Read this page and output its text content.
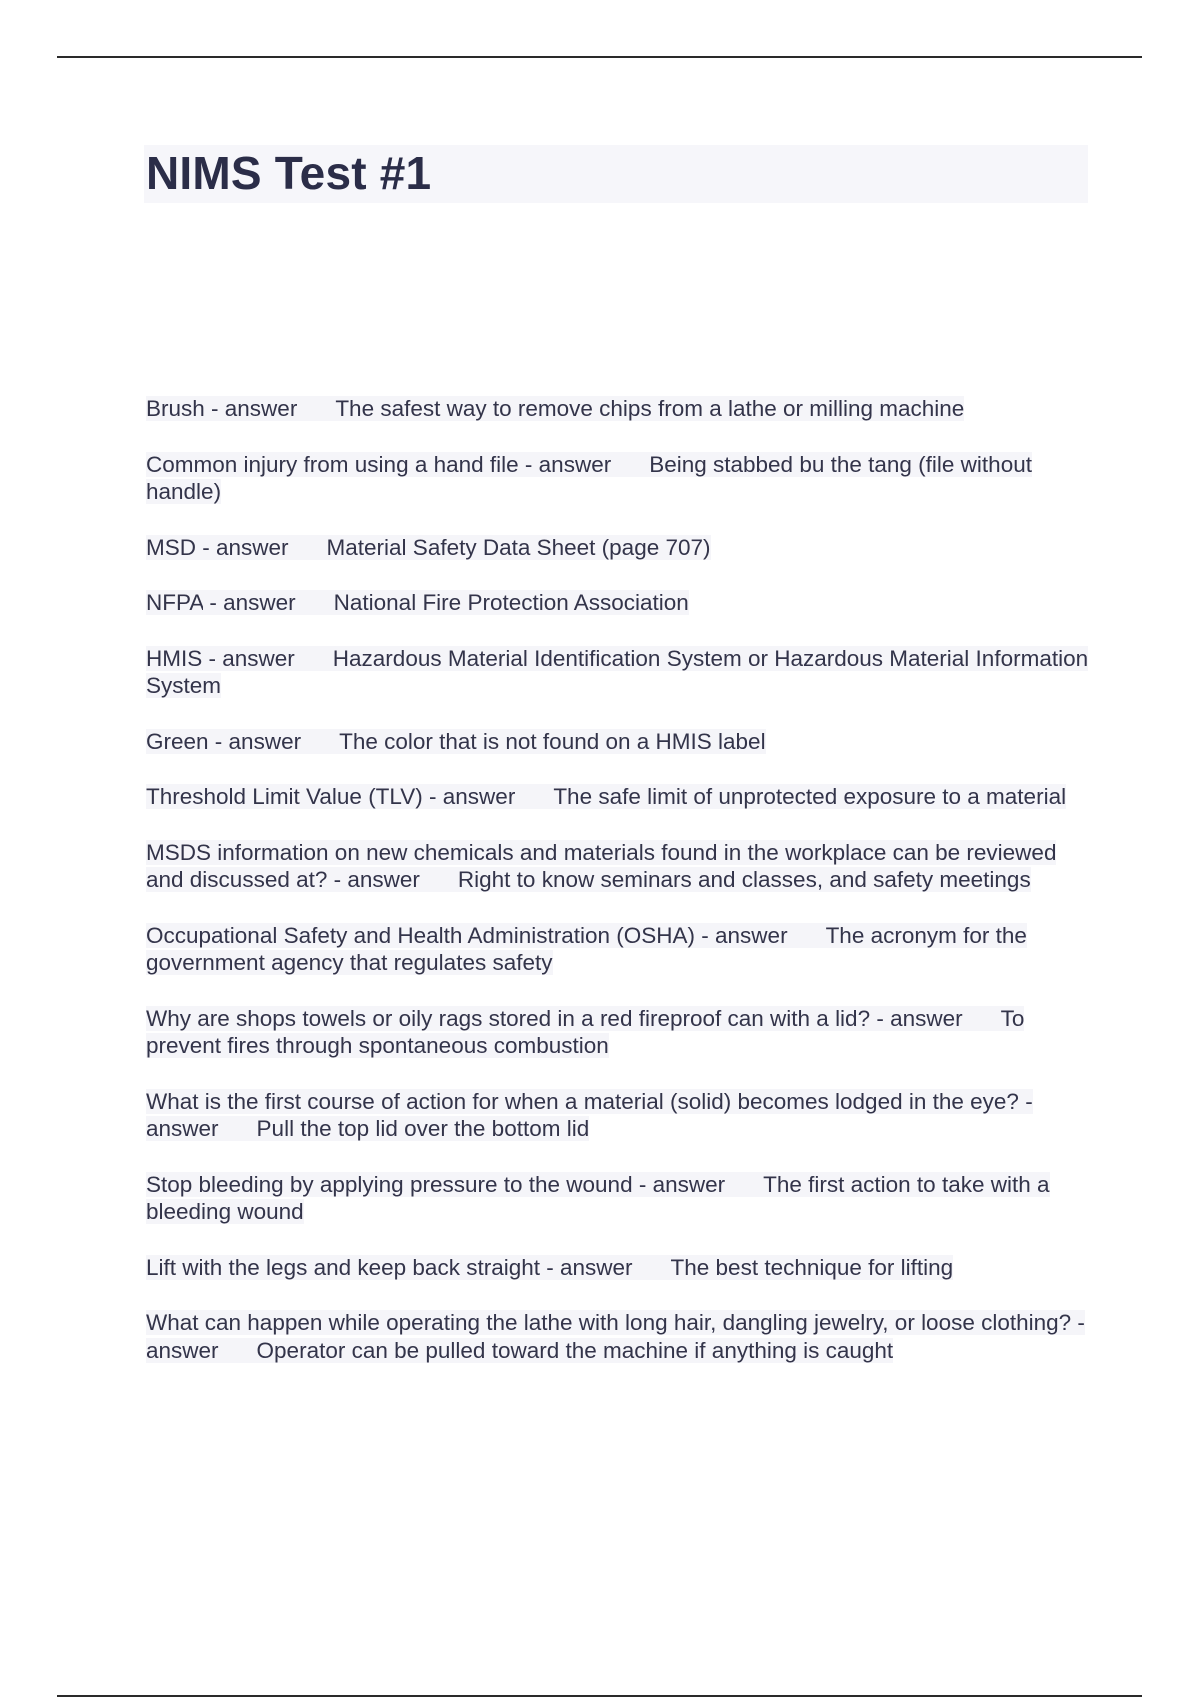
NIMS Test #1

Brush - answer The safest way to remove chips from a lathe or milling machine

Common injury from using a hand file - answer Being stabbed bu the tang (file without handle)

MSD - answer Material Safety Data Sheet (page 707)

NFPA - answer National Fire Protection Association

HMIS - answer Hazardous Material Identification System or Hazardous Material Information System

Green - answer The color that is not found on a HMIS label

Threshold Limit Value (TLV) - answer The safe limit of unprotected exposure to a material

MSDS information on new chemicals and materials found in the workplace can be reviewed and discussed at? - answer Right to know seminars and classes, and safety meetings

Occupational Safety and Health Administration (OSHA) - answer The acronym for the government agency that regulates safety

Why are shops towels or oily rags stored in a red fireproof can with a lid? - answer To prevent fires through spontaneous combustion

What is the first course of action for when a material (solid) becomes lodged in the eye? - answer Pull the top lid over the bottom lid

Stop bleeding by applying pressure to the wound - answer The first action to take with a bleeding wound

Lift with the legs and keep back straight - answer The best technique for lifting

What can happen while operating the lathe with long hair, dangling jewelry, or loose clothing? - answer Operator can be pulled toward the machine if anything is caught
